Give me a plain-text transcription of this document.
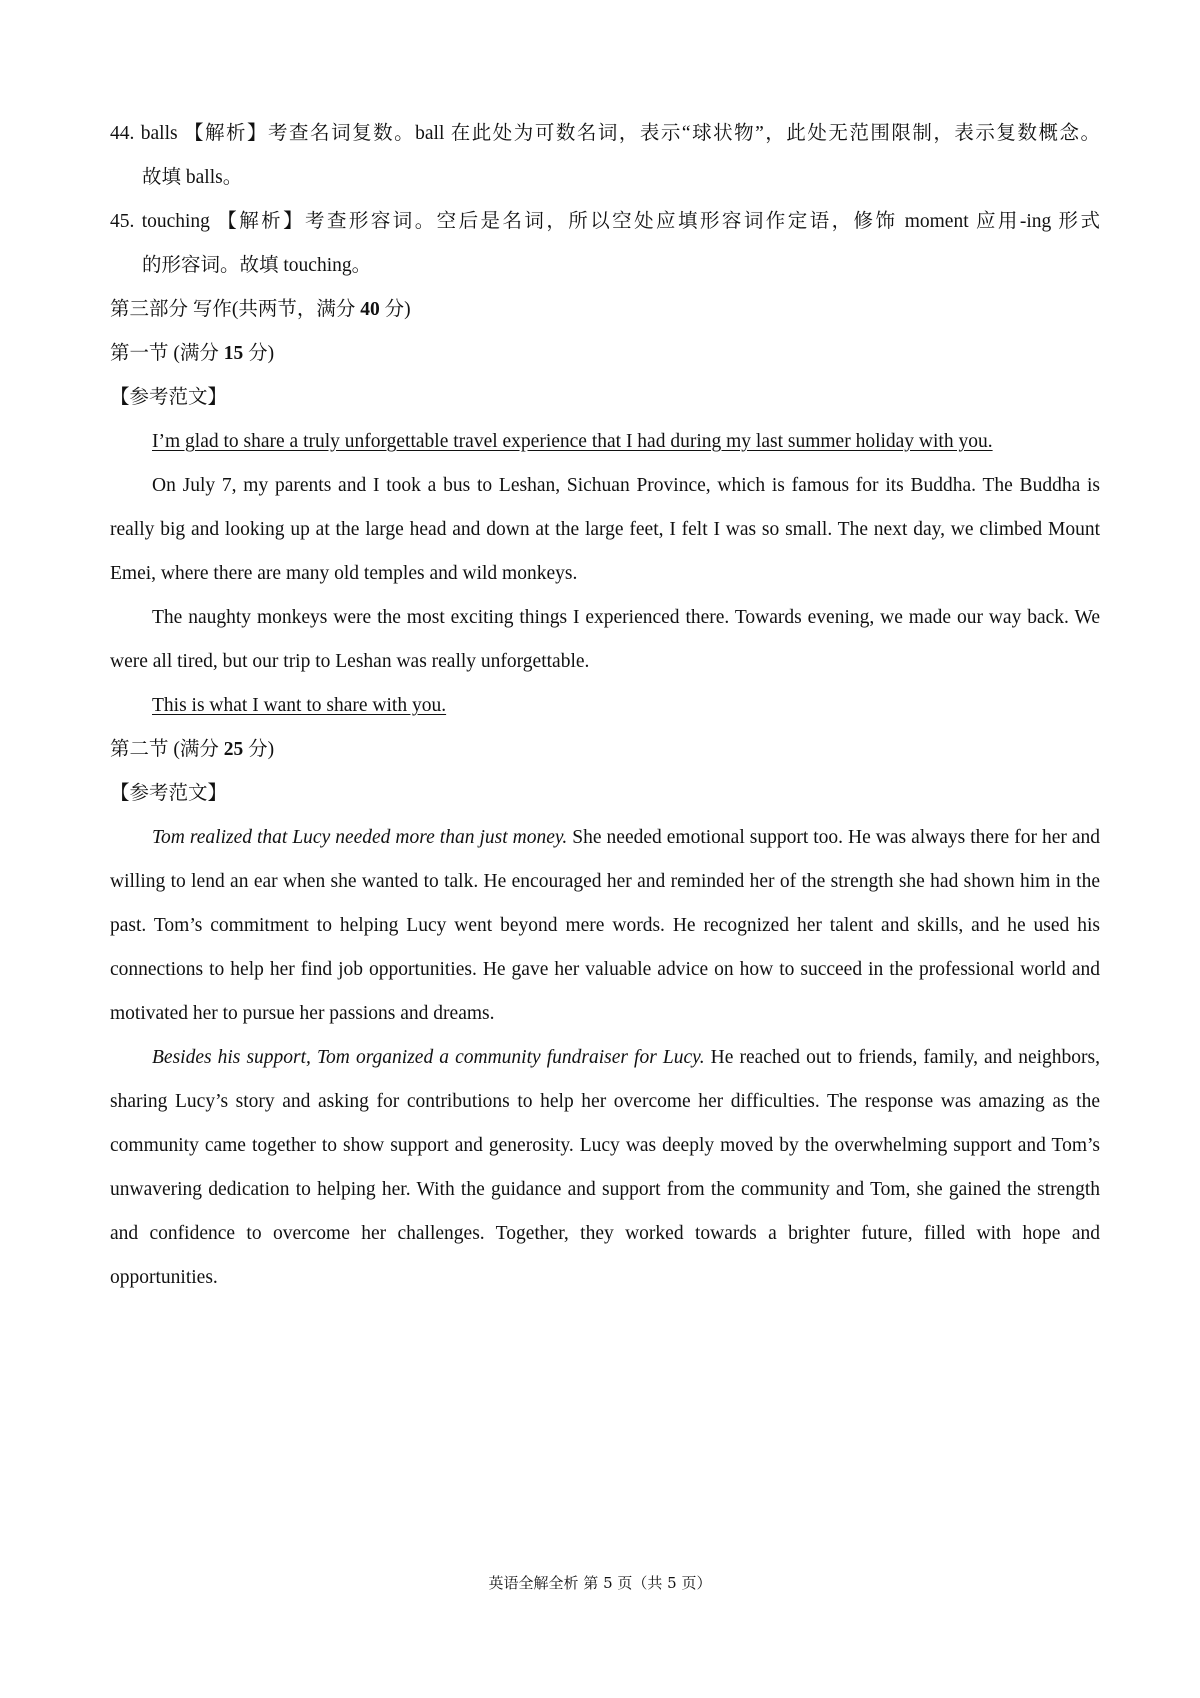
44. balls 【解析】考查名词复数。ball 在此处为可数名词，表示“球状物”，此处无范围限制，表示复数概念。

故填 balls。

45. touching 【解析】考查形容词。空后是名词，所以空处应填形容词作定语，修饰 moment 应用-ing 形式

的形容词。故填 touching。

第三部分 写作(共两节，满分 40 分)

第一节 (满分 15 分)

【参考范文】

I’m glad to share a truly unforgettable travel experience that I had during my last summer holiday with you.

On July 7, my parents and I took a bus to Leshan, Sichuan Province, which is famous for its Buddha. The Buddha is really big and looking up at the large head and down at the large feet, I felt I was so small. The next day, we climbed Mount Emei, where there are many old temples and wild monkeys.

The naughty monkeys were the most exciting things I experienced there. Towards evening, we made our way back. We were all tired, but our trip to Leshan was really unforgettable.

This is what I want to share with you.

第二节 (满分 25 分)

【参考范文】

Tom realized that Lucy needed more than just money. She needed emotional support too. He was always there for her and willing to lend an ear when she wanted to talk. He encouraged her and reminded her of the strength she had shown him in the past. Tom’s commitment to helping Lucy went beyond mere words. He recognized her talent and skills, and he used his connections to help her find job opportunities. He gave her valuable advice on how to succeed in the professional world and motivated her to pursue her passions and dreams.

Besides his support, Tom organized a community fundraiser for Lucy. He reached out to friends, family, and neighbors, sharing Lucy’s story and asking for contributions to help her overcome her difficulties. The response was amazing as the community came together to show support and generosity. Lucy was deeply moved by the overwhelming support and Tom’s unwavering dedication to helping her. With the guidance and support from the community and Tom, she gained the strength and confidence to overcome her challenges. Together, they worked towards a brighter future, filled with hope and opportunities.

英语全解全析 第 5 页（共 5 页）
